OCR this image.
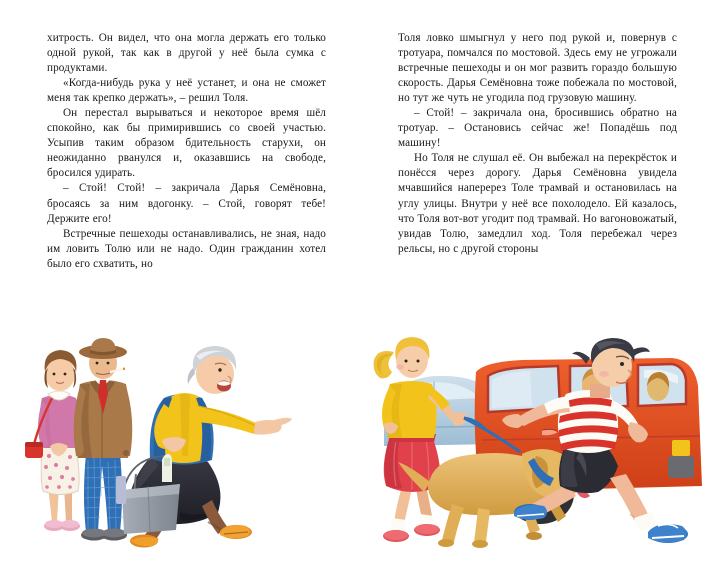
хитрость. Он видел, что она могла держать его только одной рукой, так как в другой у неё была сумка с продуктами.

«Когда-нибудь рука у неё устанет, и она не сможет меня так крепко держать», – решил Толя.

Он перестал вырываться и некоторое время шёл спокойно, как бы примирившись со своей участью. Усыпив таким образом бдительность старухи, он неожиданно рванулся и, оказавшись на свободе, бросился удирать.

– Стой! Стой! – закричала Дарья Семёновна, бросаясь за ним вдогонку. – Стой, говорят тебе! Держите его!

Встречные пешеходы останавливались, не зная, надо им ловить Толю или не надо. Один гражданин хотел было его схватить, но

Толя ловко шмыгнул у него под рукой и, повернув с тротуара, помчался по мостовой. Здесь ему не угрожали встречные пешеходы и он мог развить гораздо большую скорость. Дарья Семёновна тоже побежала по мостовой, но тут же чуть не угодила под грузовую машину.

– Стой! – закричала она, бросившись обратно на тротуар. – Остановись сейчас же! Попадёшь под машину!

Но Толя не слушал её. Он выбежал на перекрёсток и понёсся через дорогу. Дарья Семёновна увидела мчавшийся наперерез Толе трамвай и остановилась на углу улицы. Внутри у неё все похолодело. Ей казалось, что Толя вот-вот угодит под трамвай. Но вагоновожатый, увидав Толю, замедлил ход. Толя перебежал через рельсы, но с другой стороны
